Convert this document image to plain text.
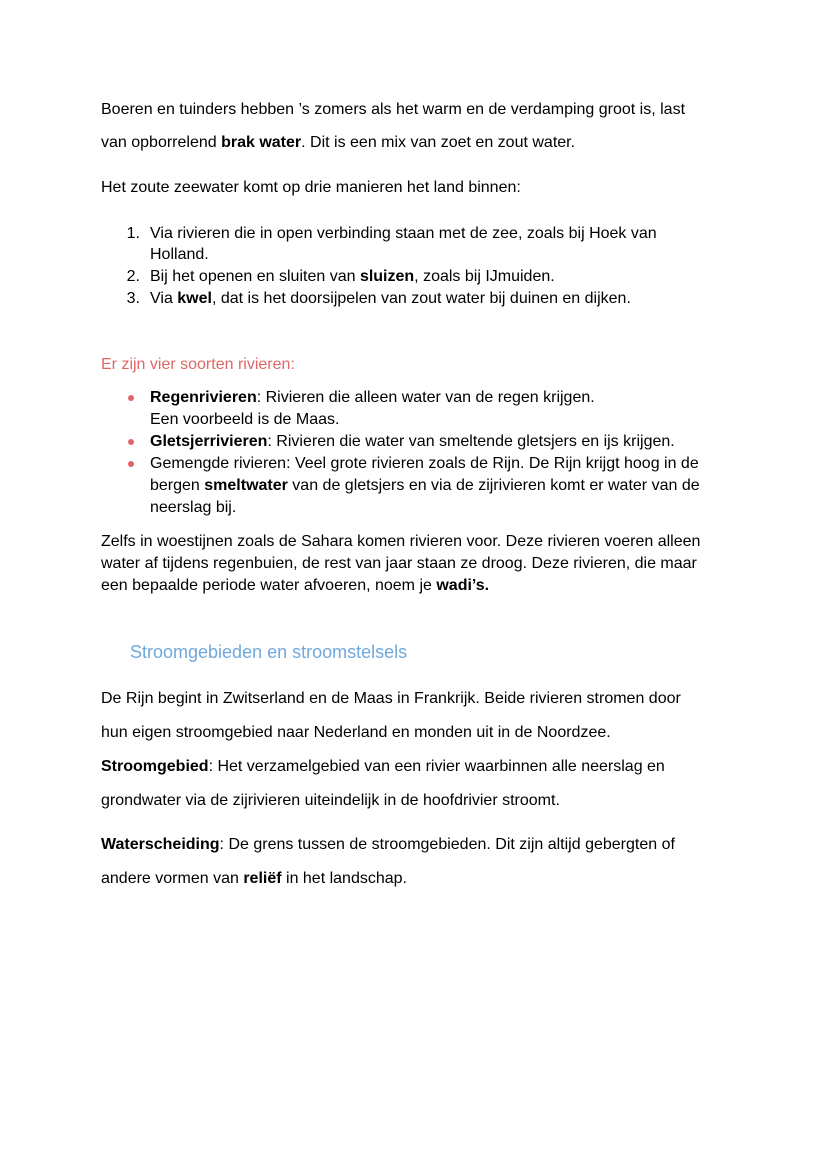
Boeren en tuinders hebben ’s zomers als het warm en de verdamping groot is, last
van opborrelend brak water. Dit is een mix van zoet en zout water.
Het zoute zeewater komt op drie manieren het land binnen:
1. Via rivieren die in open verbinding staan met de zee, zoals bij Hoek van
Holland.
2. Bij het openen en sluiten van sluizen, zoals bij IJmuiden.
3. Via kwel, dat is het doorsijpelen van zout water bij duinen en dijken.
Er zijn vier soorten rivieren:
Regenrivieren: Rivieren die alleen water van de regen krijgen.
Een voorbeeld is de Maas.
Gletsjerrivieren: Rivieren die water van smeltende gletsjers en ijs krijgen.
Gemengde rivieren: Veel grote rivieren zoals de Rijn. De Rijn krijgt hoog in de
bergen smeltwater van de gletsjers en via de zijrivieren komt er water van de
neerslag bij.
Zelfs in woestijnen zoals de Sahara komen rivieren voor. Deze rivieren voeren alleen
water af tijdens regenbuien, de rest van jaar staan ze droog. Deze rivieren, die maar
een bepaalde periode water afvoeren, noem je wadi’s.
Stroomgebieden en stroomstelsels
De Rijn begint in Zwitserland en de Maas in Frankrijk. Beide rivieren stromen door
hun eigen stroomgebied naar Nederland en monden uit in de Noordzee.
Stroomgebied: Het verzamelgebied van een rivier waarbinnen alle neerslag en
grondwater via de zijrivieren uiteindelijk in de hoofdrivier stroomt.
Waterscheiding: De grens tussen de stroomgebieden. Dit zijn altijd gebergten of
andere vormen van reliëf in het landschap.
